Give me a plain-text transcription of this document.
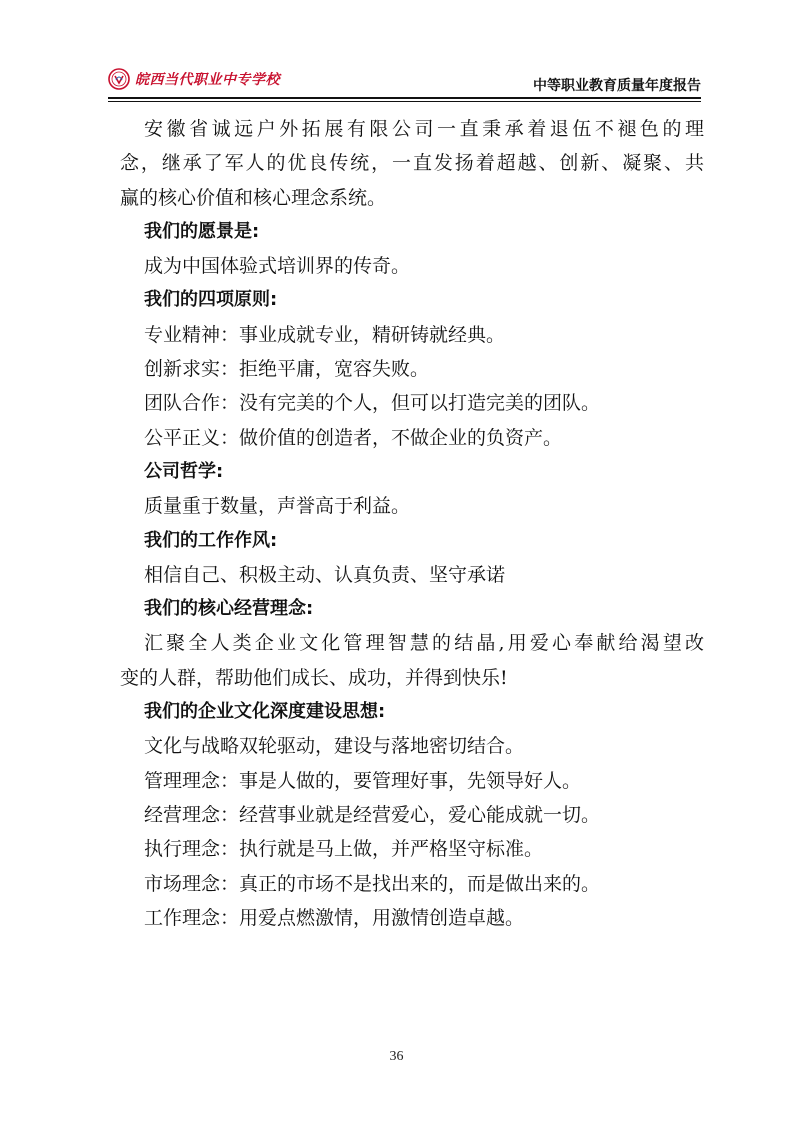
皖西当代职业中专学校	中等职业教育质量年度报告
安徽省诚远户外拓展有限公司一直秉承着退伍不褪色的理
念，继承了军人的优良传统，一直发扬着超越、创新、凝聚、共
赢的核心价值和核心理念系统。
我们的愿景是:
成为中国体验式培训界的传奇。
我们的四项原则:
专业精神：事业成就专业，精研铸就经典。
创新求实：拒绝平庸，宽容失败。
团队合作：没有完美的个人，但可以打造完美的团队。
公平正义：做价值的创造者，不做企业的负资产。
公司哲学:
质量重于数量，声誉高于利益。
我们的工作作风:
相信自己、积极主动、认真负责、坚守承诺
我们的核心经营理念:
汇聚全人类企业文化管理智慧的结晶,用爱心奉献给渴望改
变的人群，帮助他们成长、成功，并得到快乐!
我们的企业文化深度建设思想:
文化与战略双轮驱动，建设与落地密切结合。
管理理念：事是人做的，要管理好事，先领导好人。
经营理念：经营事业就是经营爱心，爱心能成就一切。
执行理念：执行就是马上做，并严格坚守标准。
市场理念：真正的市场不是找出来的，而是做出来的。
工作理念：用爱点燃激情，用激情创造卓越。
36
